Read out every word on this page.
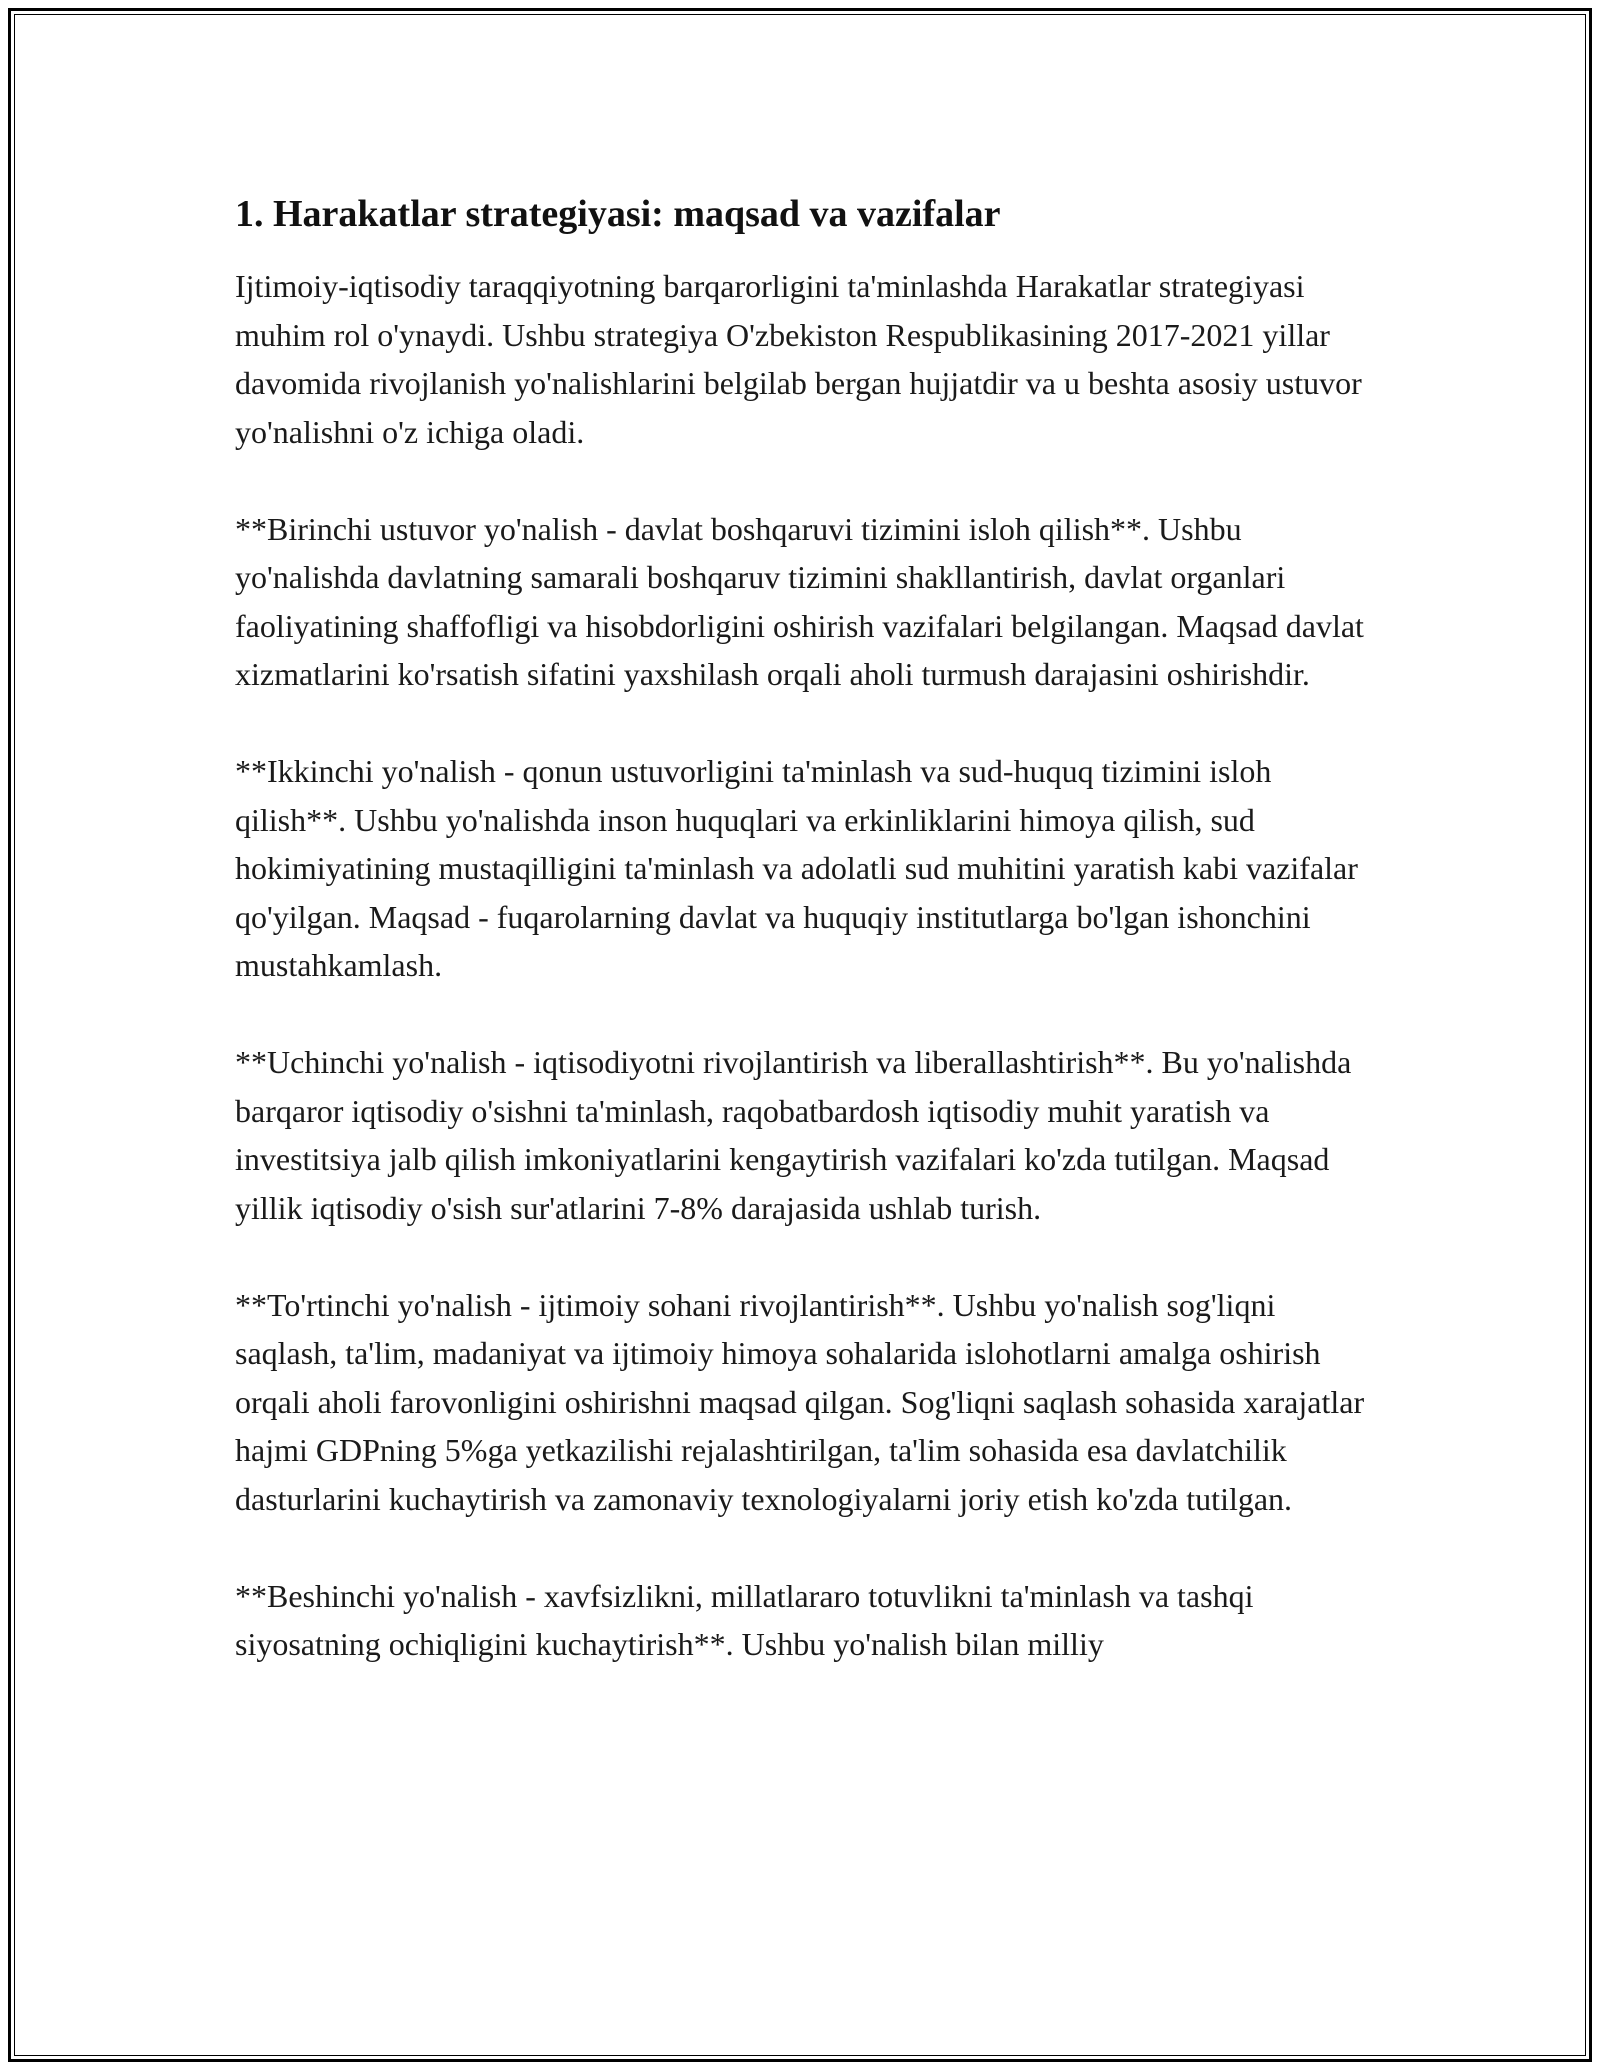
1. Harakatlar strategiyasi: maqsad va vazifalar

Ijtimoiy-iqtisodiy taraqqiyotning barqarorligini ta'minlashda Harakatlar strategiyasi muhim rol o'ynaydi. Ushbu strategiya O'zbekiston Respublikasining 2017-2021 yillar davomida rivojlanish yo'nalishlarini belgilab bergan hujjatdir va u beshta asosiy ustuvor yo'nalishni o'z ichiga oladi.

**Birinchi ustuvor yo'nalish - davlat boshqaruvi tizimini isloh qilish**. Ushbu yo'nalishda davlatning samarali boshqaruv tizimini shakllantirish, davlat organlari faoliyatining shaffofligi va hisobdorligini oshirish vazifalari belgilangan. Maqsad davlat xizmatlarini ko'rsatish sifatini yaxshilash orqali aholi turmush darajasini oshirishdir.

**Ikkinchi yo'nalish - qonun ustuvorligini ta'minlash va sud-huquq tizimini isloh qilish**. Ushbu yo'nalishda inson huquqlari va erkinliklarini himoya qilish, sud hokimiyatining mustaqilligini ta'minlash va adolatli sud muhitini yaratish kabi vazifalar qo'yilgan. Maqsad - fuqarolarning davlat va huquqiy institutlarga bo'lgan ishonchini mustahkamlash.

**Uchinchi yo'nalish - iqtisodiyotni rivojlantirish va liberallashtirish**. Bu yo'nalishda barqaror iqtisodiy o'sishni ta'minlash, raqobatbardosh iqtisodiy muhit yaratish va investitsiya jalb qilish imkoniyatlarini kengaytirish vazifalari ko'zda tutilgan. Maqsad yillik iqtisodiy o'sish sur'atlarini 7-8% darajasida ushlab turish.

**To'rtinchi yo'nalish - ijtimoiy sohani rivojlantirish**. Ushbu yo'nalish sog'liqni saqlash, ta'lim, madaniyat va ijtimoiy himoya sohalarida islohotlarni amalga oshirish orqali aholi farovonligini oshirishni maqsad qilgan. Sog'liqni saqlash sohasida xarajatlar hajmi GDPning 5%ga yetkazilishi rejalashtirilgan, ta'lim sohasida esa davlatchilik dasturlarini kuchaytirish va zamonaviy texnologiyalarni joriy etish ko'zda tutilgan.

**Beshinchi yo'nalish - xavfsizlikni, millatlararo totuvlikni ta'minlash va tashqi siyosatning ochiqligini kuchaytirish**. Ushbu yo'nalish bilan milliy
